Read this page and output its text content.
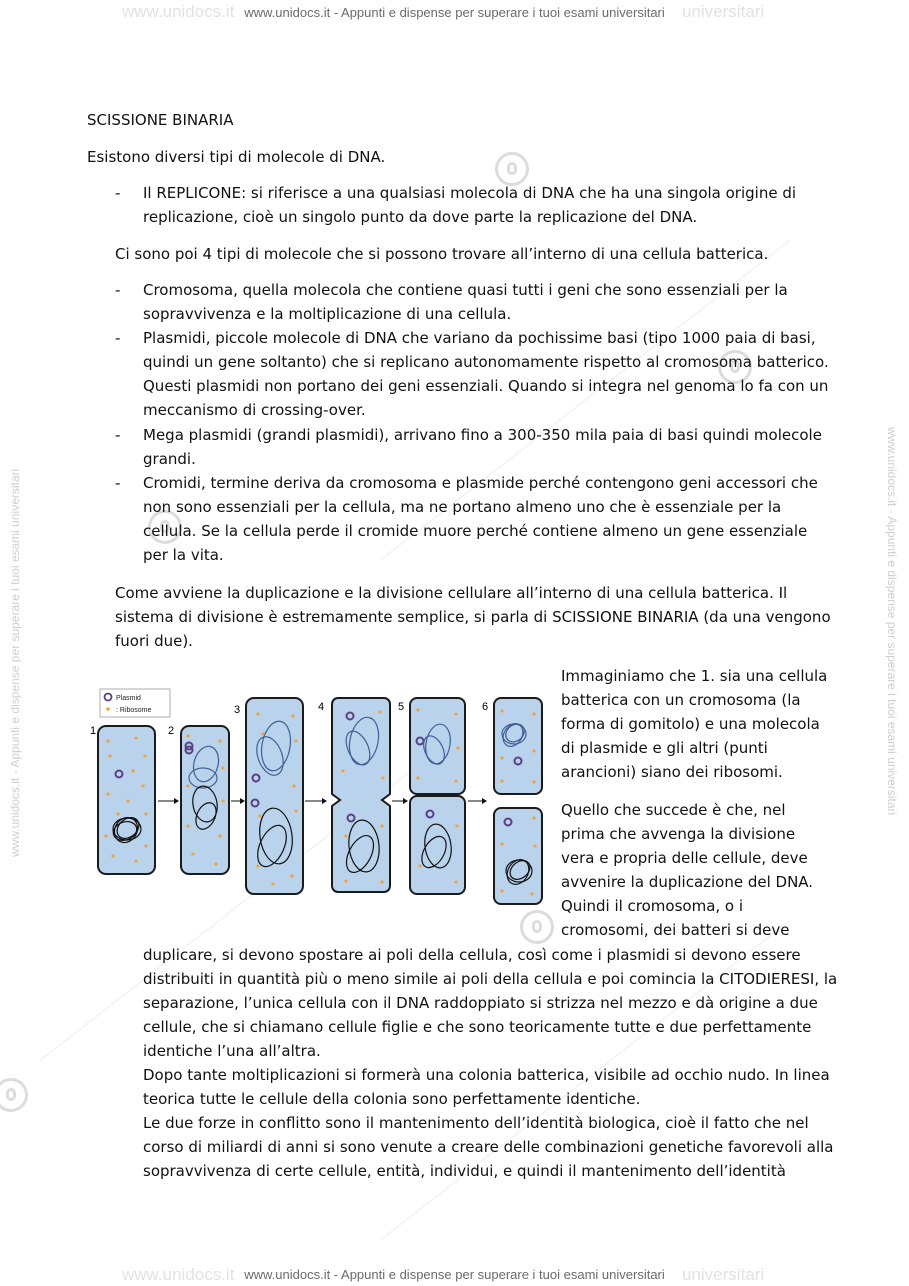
www.unidocs.it	universitari
www.unidocs.it	universitari
www.unidocs.it - Appunti e dispense per superare i tuoi esami universitari	www.unidocs.it - Appunti e dispense per superare i tuoi esami universitari
www.unidocs.it - Appunti e dispense per superare i tuoi esami universitari
www.unidocs.it - Appunti e dispense per superare i tuoi esami universitari
SCISSIONE BINARIA
Esistono diversi tipi di molecole di DNA.
- Il REPLICONE: si riferisce a una qualsiasi molecola di DNA che ha una singola origine di
replicazione, cioè un singolo punto da dove parte la replicazione del DNA.
Ci sono poi 4 tipi di molecole che si possono trovare all’interno di una cellula batterica.
- Cromosoma, quella molecola che contiene quasi tutti i geni che sono essenziali per la
sopravvivenza e la moltiplicazione di una cellula.
- Plasmidi, piccole molecole di DNA che variano da pochissime basi (tipo 1000 paia di basi,
quindi un gene soltanto) che si replicano autonomamente rispetto al cromosoma batterico.
Questi plasmidi non portano dei geni essenziali. Quando si integra nel genoma lo fa con un
meccanismo di crossing-over.
- Mega plasmidi (grandi plasmidi), arrivano fino a 300-350 mila paia di basi quindi molecole
grandi.
- Cromidi, termine deriva da cromosoma e plasmide perché contengono geni accessori che
non sono essenziali per la cellula, ma ne portano almeno uno che è essenziale per la
cellula. Se la cellula perde il cromide muore perché contiene almeno un gene essenziale
per la vita.
Come avviene la duplicazione e la divisione cellulare all’interno di una cellula batterica. Il
sistema di divisione è estremamente semplice, si parla di SCISSIONE BINARIA (da una vengono
fuori due).
Plasmid
: Ribosome
1	2
3	4	5	6
Immaginiamo che 1. sia una cellula
batterica con un cromosoma (la
forma di gomitolo) e una molecola
di plasmide e gli altri (punti
arancioni) siano dei ribosomi.
Quello che succede è che, nel
prima che avvenga la divisione
vera e propria delle cellule, deve
avvenire la duplicazione del DNA.
Quindi il cromosoma, o i
cromosomi, dei batteri si deve
duplicare, si devono spostare ai poli della cellula, così come i plasmidi si devono essere
distribuiti in quantità più o meno simile ai poli della cellula e poi comincia la CITODIERESI, la
separazione, l’unica cellula con il DNA raddoppiato si strizza nel mezzo e dà origine a due
cellule, che si chiamano cellule figlie e che sono teoricamente tutte e due perfettamente
identiche l’una all’altra.
Dopo tante moltiplicazioni si formerà una colonia batterica, visibile ad occhio nudo. In linea
teorica tutte le cellule della colonia sono perfettamente identiche.
Le due forze in conflitto sono il mantenimento dell’identità biologica, cioè il fatto che nel
corso di miliardi di anni si sono venute a creare delle combinazioni genetiche favorevoli alla
sopravvivenza di certe cellule, entità, individui, e quindi il mantenimento dell’identità
